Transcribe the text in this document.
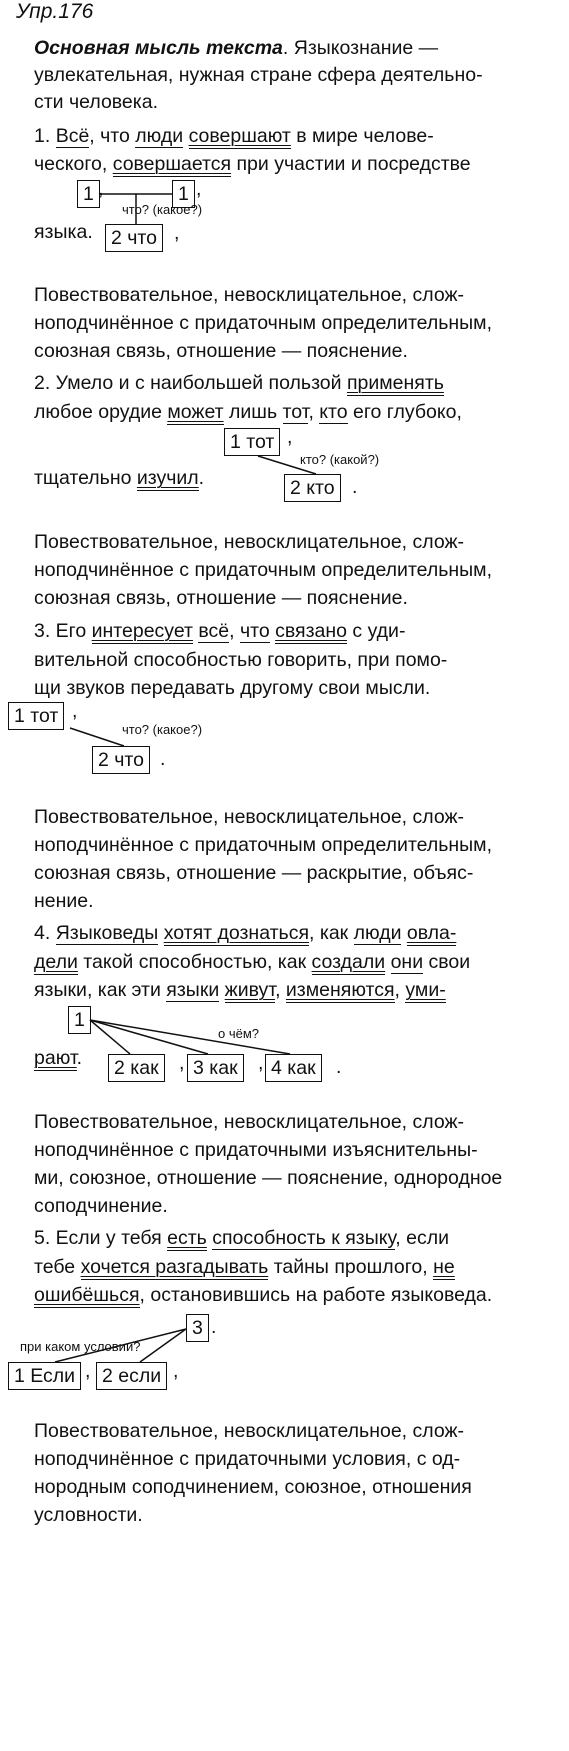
Упр.176
Основная мысль текста. Языкознание —
увлекательная, нужная стране сфера деятельно-
сти человека.
1. Всё, что люди совершают в мире челове-
ческого, совершается при участии и посредстве
языка.
1 ,	1 ,
что? (какое?)
2 что ,
Повествовательное, невосклицательное, слож-
ноподчинённое с придаточным определительным,
союзная связь, отношение — пояснение.
2. Умело и с наибольшей пользой применять
любое орудие может лишь тот, кто его глубоко,
тщательно изучил.
1 тот ,
кто? (какой?)
2 кто .
Повествовательное, невосклицательное, слож-
ноподчинённое с придаточным определительным,
союзная связь, отношение — пояснение.
3. Его интересует всё, что связано с уди-
вительной способностью говорить, при помо-
щи звуков передавать другому свои мысли.
1 тот ,
что? (какое?)
2 что .
Повествовательное, невосклицательное, слож-
ноподчинённое с придаточным определительным,
союзная связь, отношение — раскрытие, объяс-
нение.
4. Языковеды хотят дознаться, как люди овла-
дели такой способностью, как создали они свои
языки, как эти языки живут, изменяются, уми-
рают.
1
о чём?
2 как	, 3 как	, 4 как	.
Повествовательное, невосклицательное, слож-
ноподчинённое с придаточными изъяснительны-
ми, союзное, отношение — пояснение, однородное
соподчинение.
5. Если у тебя есть способность к языку, если
тебе хочется разгадывать тайны прошлого, не
ошибёшься, остановившись на работе языковеда.
3 .
при каком условии?
1 Если , 2 если ,
Повествовательное, невосклицательное, слож-
ноподчинённое с придаточными условия, с од-
нородным соподчинением, союзное, отношения
условности.
